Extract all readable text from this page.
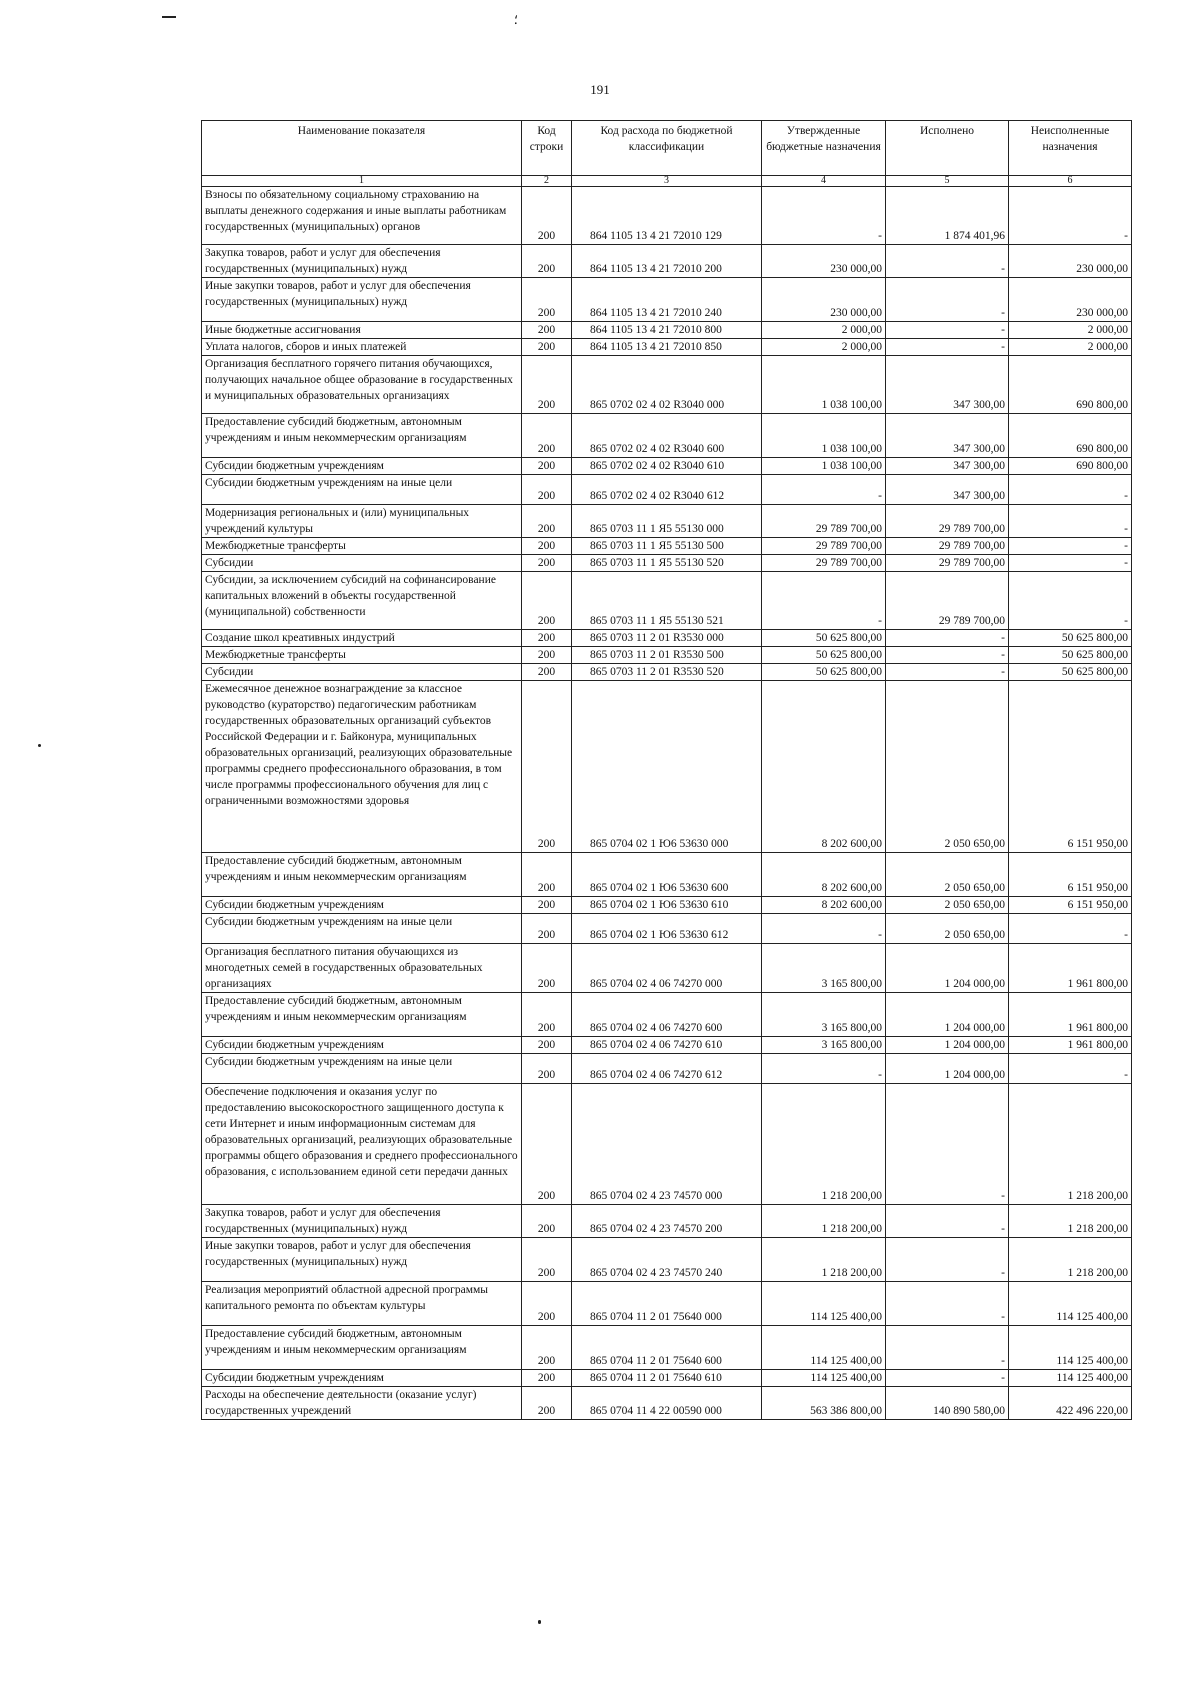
⸵
191
Наименование показателя	Код строки	Код расхода по бюджетной классификации	Утвержденные бюджетные назначения	Исполнено	Неисполненные назначения
1	2	3	4	5	6
Взносы по обязательному социальному страхованию на выплаты денежного содержания и иные выплаты работникам государственных (муниципальных) органов	200	864 1105 13 4 21 72010 129	-	1 874 401,96	-
Закупка товаров, работ и услуг для обеспечения государственных (муниципальных) нужд	200	864 1105 13 4 21 72010 200	230 000,00	-	230 000,00
Иные закупки товаров, работ и услуг для обеспечения государственных (муниципальных) нужд	200	864 1105 13 4 21 72010 240	230 000,00	-	230 000,00
Иные бюджетные ассигнования	200	864 1105 13 4 21 72010 800	2 000,00	-	2 000,00
Уплата налогов, сборов и иных платежей	200	864 1105 13 4 21 72010 850	2 000,00	-	2 000,00
Организация бесплатного горячего питания обучающихся, получающих начальное общее образование в государственных и муниципальных образовательных организациях	200	865 0702 02 4 02 R3040 000	1 038 100,00	347 300,00	690 800,00
Предоставление субсидий бюджетным, автономным учреждениям и иным некоммерческим организациям	200	865 0702 02 4 02 R3040 600	1 038 100,00	347 300,00	690 800,00
Субсидии бюджетным учреждениям	200	865 0702 02 4 02 R3040 610	1 038 100,00	347 300,00	690 800,00
Субсидии бюджетным учреждениям на иные цели	200	865 0702 02 4 02 R3040 612	-	347 300,00	-
Модернизация региональных и (или) муниципальных учреждений культуры	200	865 0703 11 1 Я5 55130 000	29 789 700,00	29 789 700,00	-
Межбюджетные трансферты	200	865 0703 11 1 Я5 55130 500	29 789 700,00	29 789 700,00	-
Субсидии	200	865 0703 11 1 Я5 55130 520	29 789 700,00	29 789 700,00	-
Субсидии, за исключением субсидий на софинансирование капитальных вложений в объекты государственной (муниципальной) собственности	200	865 0703 11 1 Я5 55130 521	-	29 789 700,00	-
Создание школ креативных индустрий	200	865 0703 11 2 01 R3530 000	50 625 800,00	-	50 625 800,00
Межбюджетные трансферты	200	865 0703 11 2 01 R3530 500	50 625 800,00	-	50 625 800,00
Субсидии	200	865 0703 11 2 01 R3530 520	50 625 800,00	-	50 625 800,00
Ежемесячное денежное вознаграждение за классное руководство (кураторство) педагогическим работникам государственных образовательных организаций субъектов Российской Федерации и г. Байконура, муниципальных образовательных организаций, реализующих образовательные программы среднего профессионального образования, в том числе программы профессионального обучения для лиц с ограниченными возможностями здоровья	200	865 0704 02 1 Ю6 53630 000	8 202 600,00	2 050 650,00	6 151 950,00
Предоставление субсидий бюджетным, автономным учреждениям и иным некоммерческим организациям	200	865 0704 02 1 Ю6 53630 600	8 202 600,00	2 050 650,00	6 151 950,00
Субсидии бюджетным учреждениям	200	865 0704 02 1 Ю6 53630 610	8 202 600,00	2 050 650,00	6 151 950,00
Субсидии бюджетным учреждениям на иные цели	200	865 0704 02 1 Ю6 53630 612	-	2 050 650,00	-
Организация бесплатного питания обучающихся из многодетных семей в государственных образовательных организациях	200	865 0704 02 4 06 74270 000	3 165 800,00	1 204 000,00	1 961 800,00
Предоставление субсидий бюджетным, автономным учреждениям и иным некоммерческим организациям	200	865 0704 02 4 06 74270 600	3 165 800,00	1 204 000,00	1 961 800,00
Субсидии бюджетным учреждениям	200	865 0704 02 4 06 74270 610	3 165 800,00	1 204 000,00	1 961 800,00
Субсидии бюджетным учреждениям на иные цели	200	865 0704 02 4 06 74270 612	-	1 204 000,00	-
Обеспечение подключения и оказания услуг по предоставлению высокоскоростного защищенного доступа к сети Интернет и иным информационным системам для образовательных организаций, реализующих образовательные программы общего образования и среднего профессионального образования, с использованием единой сети передачи данных	200	865 0704 02 4 23 74570 000	1 218 200,00	-	1 218 200,00
Закупка товаров, работ и услуг для обеспечения государственных (муниципальных) нужд	200	865 0704 02 4 23 74570 200	1 218 200,00	-	1 218 200,00
Иные закупки товаров, работ и услуг для обеспечения государственных (муниципальных) нужд	200	865 0704 02 4 23 74570 240	1 218 200,00	-	1 218 200,00
Реализация мероприятий областной адресной программы капитального ремонта по объектам культуры	200	865 0704 11 2 01 75640 000	114 125 400,00	-	114 125 400,00
Предоставление субсидий бюджетным, автономным учреждениям и иным некоммерческим организациям	200	865 0704 11 2 01 75640 600	114 125 400,00	-	114 125 400,00
Субсидии бюджетным учреждениям	200	865 0704 11 2 01 75640 610	114 125 400,00	-	114 125 400,00
Расходы на обеспечение деятельности (оказание услуг) государственных учреждений	200	865 0704 11 4 22 00590 000	563 386 800,00	140 890 580,00	422 496 220,00
